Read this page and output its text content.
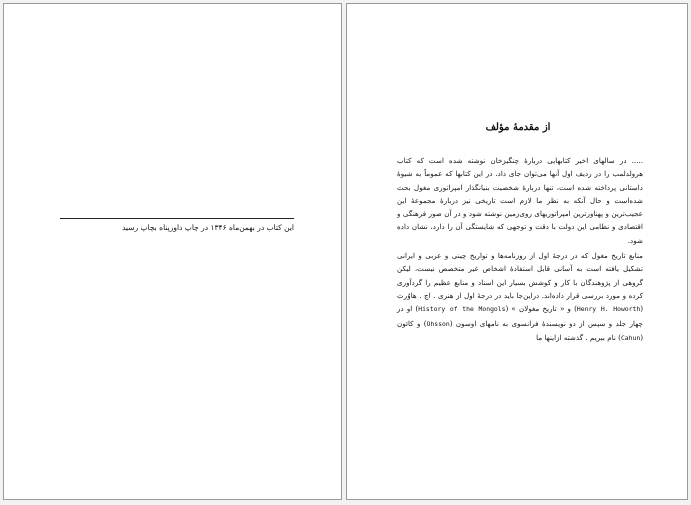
این کتاب در بهمن‌ماه ۱۳۴۶ در چاپ داورپناه بچاپ رسید
از مقدمهٔ مؤلف

..... در سالهای اخیر کتابهایی دربارهٔ چنگیزخان نوشته شده است که کتاب هرولدلمب را در ردیف اول آنها می‌توان جای داد. در این کتابها که عموماً به شیوهٔ داستانی پرداخته شده است، تنها دربارهٔ شخصیت بنیانگذار امپراتوری مغول بحث شده‌است و حال آنکه به نظر ما لازم است تاریخی نیز دربارهٔ مجموعهٔ این عجیب‌ترین و پهناورترین امپراتوریهای روی‌زمین نوشته شود و در آن صور فرهنگی و اقتصادی و نظامی این دولت با دقت و توجهی که شایستگی آن را دارد، نشان داده شود.

منابع تاریخ مغول که در درجهٔ اول از روزنامه‌ها و تواریخ چینی و عربی و ایرانی تشکیل یافته است به آسانی قابل استفادهٔ اشخاص غیر متخصص نیست، لیکن گروهی از پژوهندگان با کار و کوشش بسیار این اسناد و منابع عظیم را گردآوری کرده و مورد بررسی قرار داده‌اند. دراین‌جا باید در درجهٔ اول از هنری . اچ . هاوُرث (Henry H. Howorth) و « تاریخ مغولان » (History of the Mongols) او در چهار جلد و سپس از دو نویسندهٔ فرانسوی به نامهای اوسون (Ohsson) و کائون (Cahun) نام ببریم . گذشته ازاینها ما
